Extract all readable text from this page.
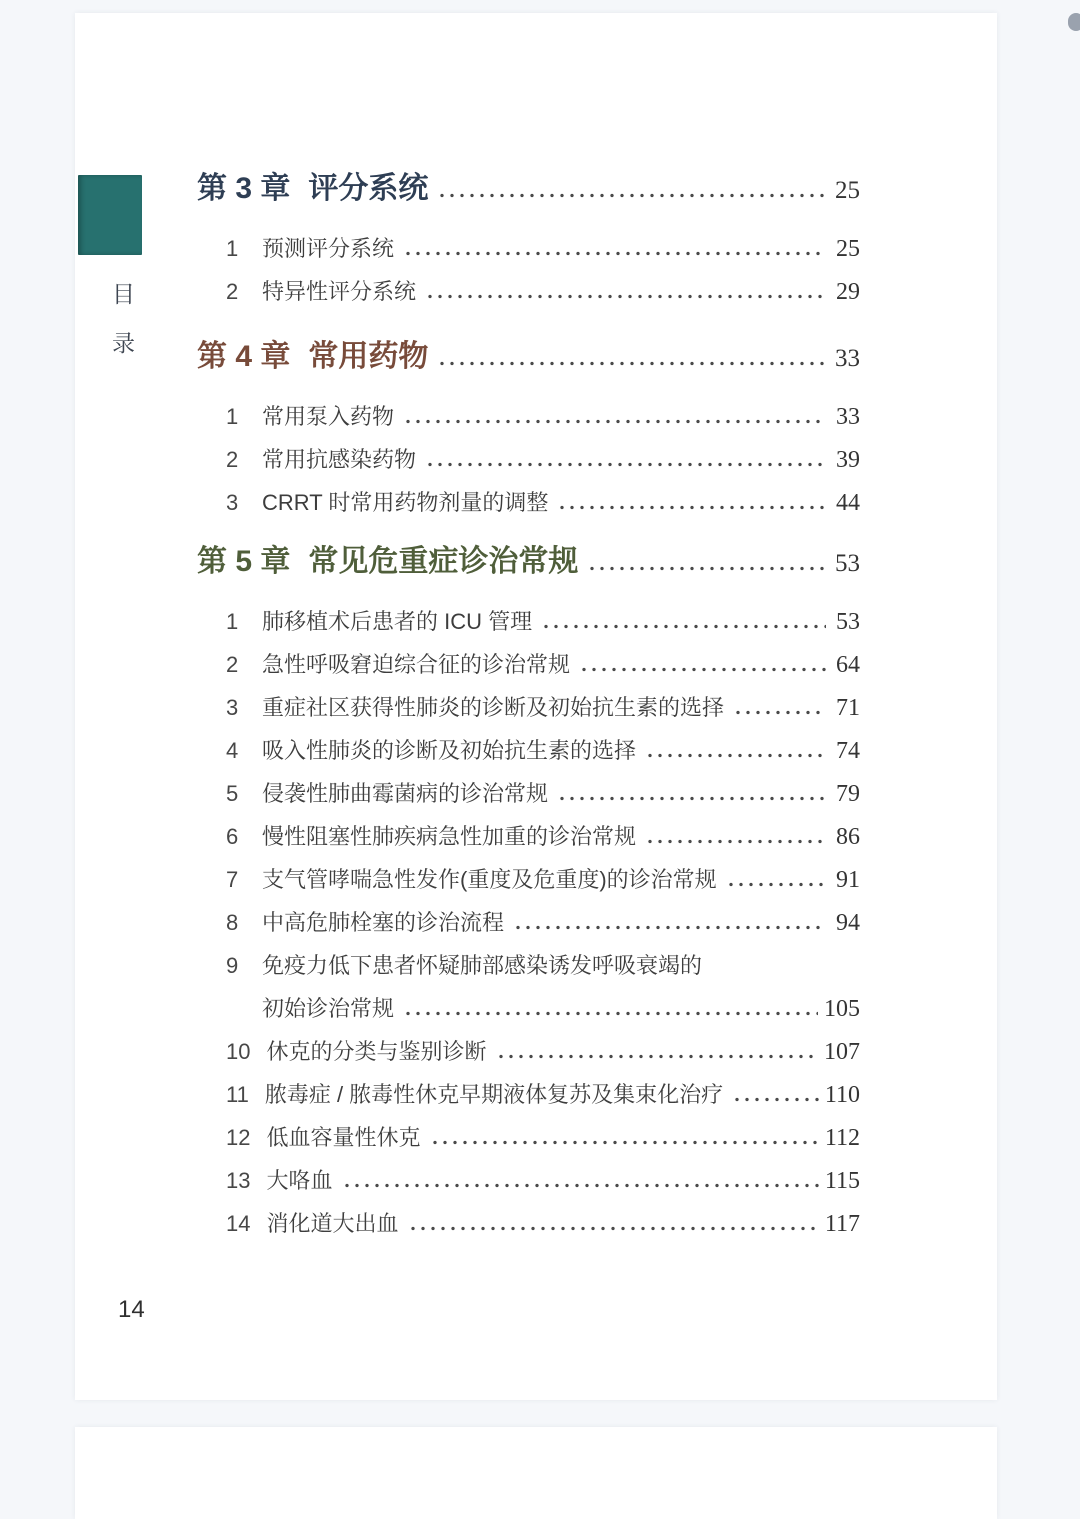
目
录
第 3 章 评分系统	25
1	预测评分系统	25
2	特异性评分系统	29
第 4 章 常用药物	33
1	常用泵入药物	33
2	常用抗感染药物	39
3	CRRT 时常用药物剂量的调整	44
第 5 章 常见危重症诊治常规	53
1	肺移植术后患者的 ICU 管理	53
2	急性呼吸窘迫综合征的诊治常规	64
3	重症社区获得性肺炎的诊断及初始抗生素的选择	71
4	吸入性肺炎的诊断及初始抗生素的选择	74
5	侵袭性肺曲霉菌病的诊治常规	79
6	慢性阻塞性肺疾病急性加重的诊治常规	86
7	支气管哮喘急性发作(重度及危重度)的诊治常规	91
8	中高危肺栓塞的诊治流程	94
9	免疫力低下患者怀疑肺部感染诱发呼吸衰竭的
初始诊治常规	105
10 休克的分类与鉴别诊断	107
11 脓毒症 / 脓毒性休克早期液体复苏及集束化治疗	110
12 低血容量性休克	112
13 大咯血	115
14 消化道大出血	117
14
